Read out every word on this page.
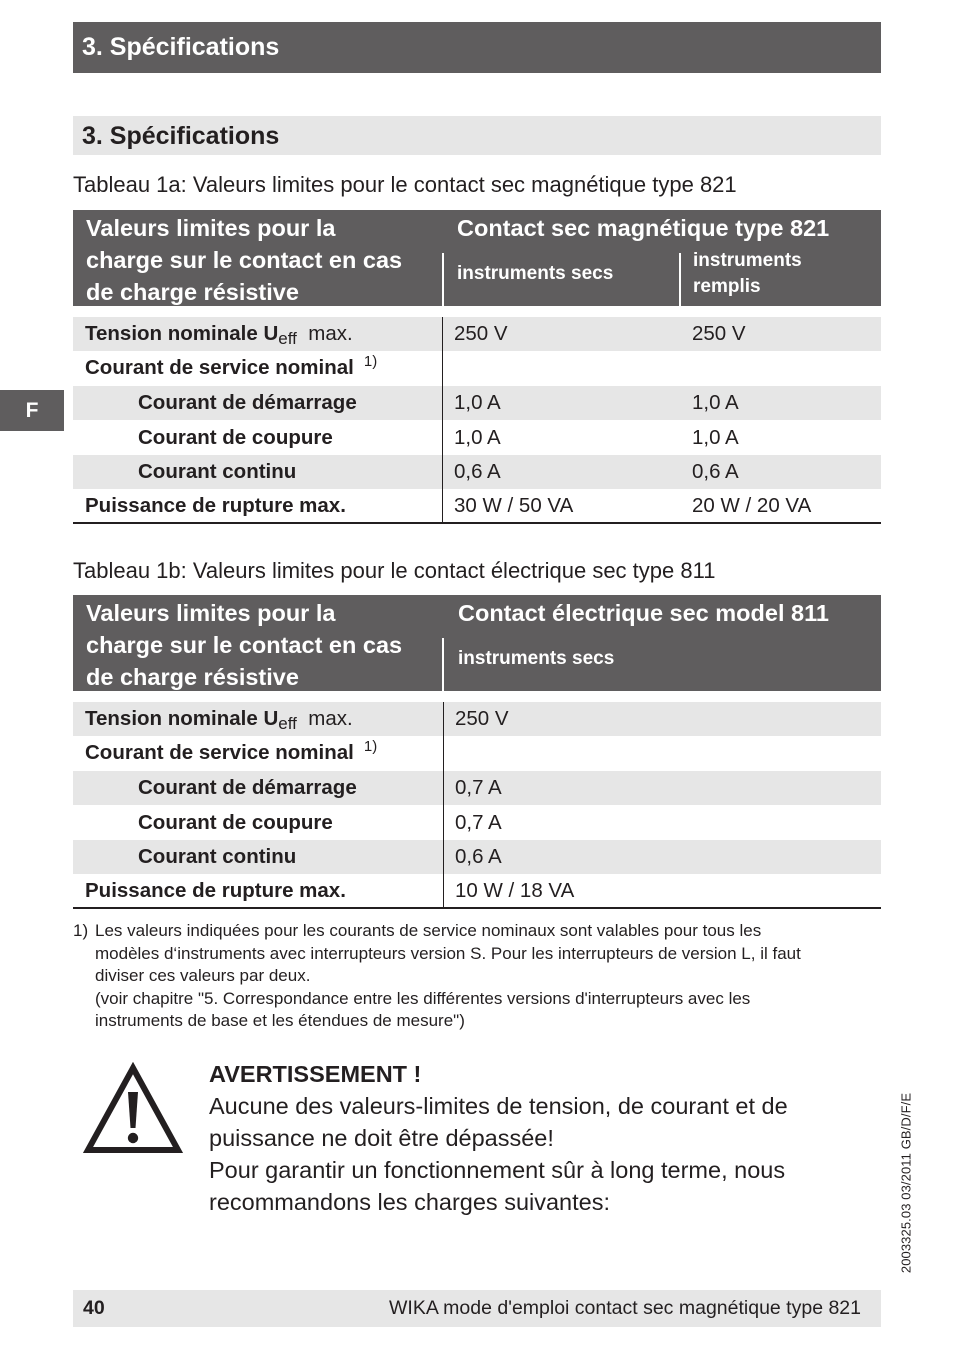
3. Spécifications
3. Spécifications
F
Tableau 1a: Valeurs limites pour le contact sec magnétique type 821
Valeurs limites pour la
charge sur le contact en cas
de charge résistive
Contact sec magnétique type 821
instruments secs
instruments
remplis
Tension nominale $U_{eff}$ max.	250 V	250 V
Courant de service nominal $^{1)}$
Courant de démarrage	1,0 A	1,0 A
Courant de coupure	1,0 A	1,0 A
Courant continu	0,6 A	0,6 A
Puissance de rupture max.	30 W / 50 VA	20 W / 20 VA
Tableau 1b: Valeurs limites pour le contact électrique sec type 811
Valeurs limites pour la
charge sur le contact en cas
de charge résistive
Contact électrique sec model 811
instruments secs
Tension nominale $U_{eff}$ max.	250 V
Courant de service nominal $^{1)}$
Courant de démarrage	0,7 A
Courant de coupure	0,7 A
Courant continu	0,6 A
Puissance de rupture max.	10 W / 18 VA
1) Les valeurs indiquées pour les courants de service nominaux sont valables pour tous les
modèles d‘instruments avec interrupteurs version S. Pour les interrupteurs de version L, il faut
diviser ces valeurs par deux.
(voir chapitre "5. Correspondance entre les différentes versions d'interrupteurs avec les
instruments de base et les étendues de mesure")
AVERTISSEMENT !
Aucune des valeurs-limites de tension, de courant et de
puissance ne doit être dépassée!
Pour garantir un fonctionnement sûr à long terme, nous
recommandons les charges suivantes:	2003325.03 03/2011 GB/D/F/E
40	WIKA mode d'emploi contact sec magnétique type 821
